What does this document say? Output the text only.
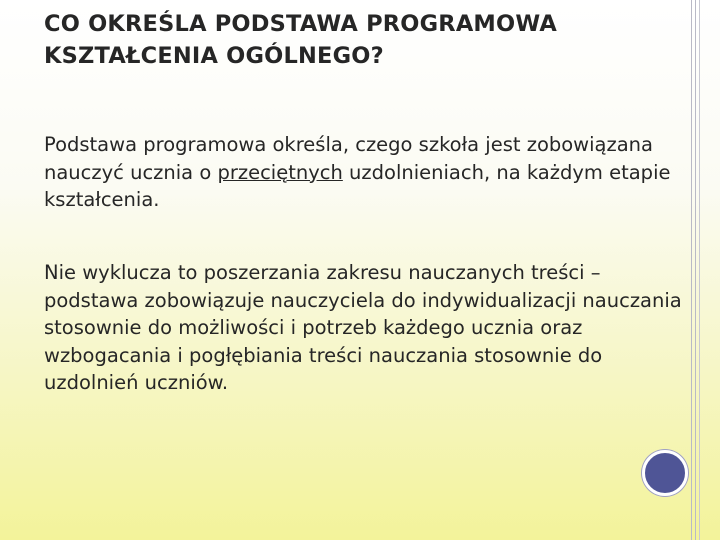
CO OKREŚLA PODSTAWA PROGRAMOWA KSZTAŁCENIA OGÓLNEGO?

Podstawa programowa określa, czego szkoła jest zobowiązana nauczyć ucznia o przeciętnych uzdolnieniach, na każdym etapie kształcenia.

Nie wyklucza to poszerzania zakresu nauczanych treści – podstawa zobowiązuje nauczyciela do indywidualizacji nauczania stosownie do możliwości i potrzeb każdego ucznia oraz wzbogacania i pogłębiania treści nauczania stosownie do uzdolnień uczniów.
